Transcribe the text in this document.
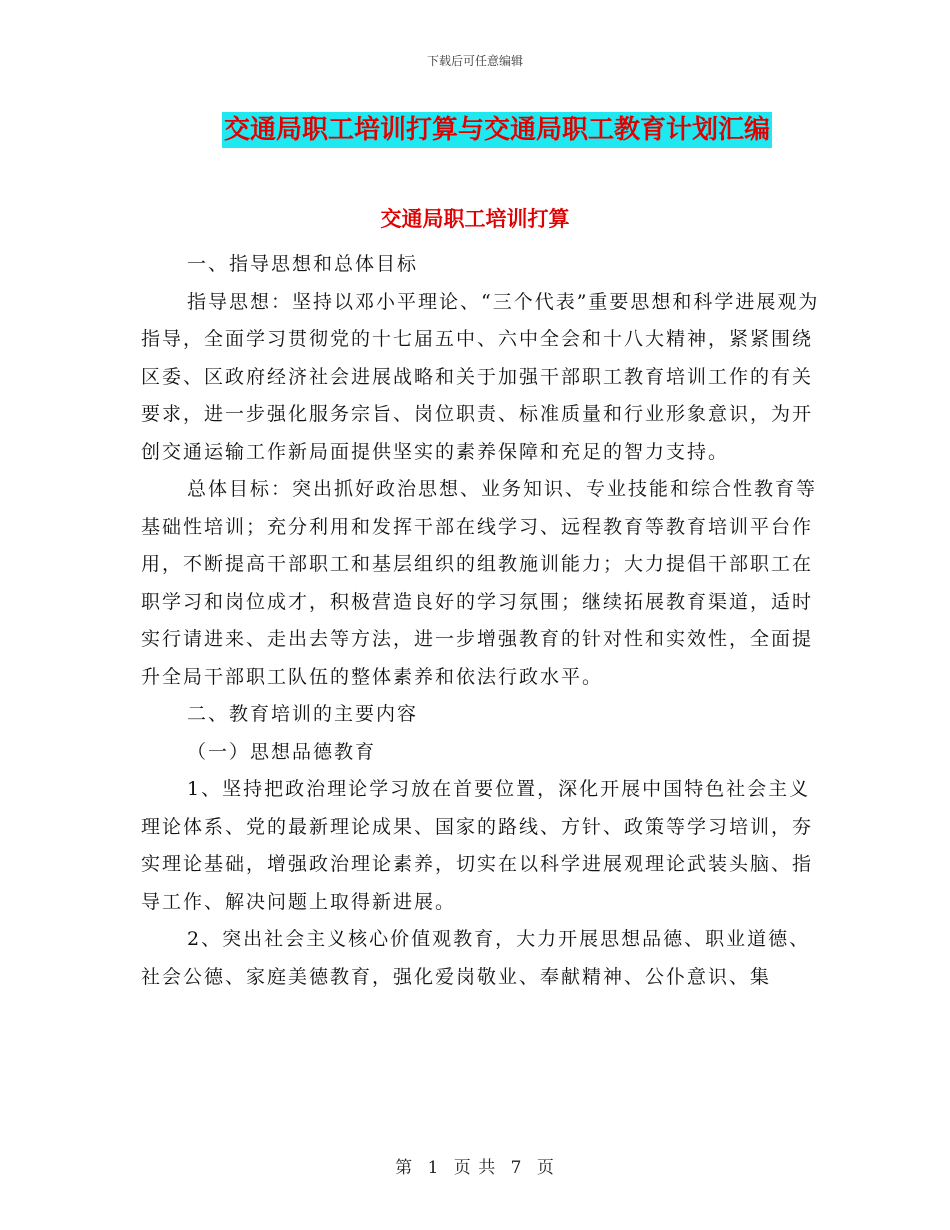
下载后可任意编辑
交通局职工培训打算与交通局职工教育计划汇编
交通局职工培训打算

一、指导思想和总体目标

指导思想：坚持以邓小平理论、“三个代表”重要思想和科学进展观为指导，全面学习贯彻党的十七届五中、六中全会和十八大精神，紧紧围绕区委、区政府经济社会进展战略和关于加强干部职工教育培训工作的有关要求，进一步强化服务宗旨、岗位职责、标准质量和行业形象意识，为开创交通运输工作新局面提供坚实的素养保障和充足的智力支持。

总体目标：突出抓好政治思想、业务知识、专业技能和综合性教育等基础性培训；充分利用和发挥干部在线学习、远程教育等教育培训平台作用，不断提高干部职工和基层组织的组教施训能力；大力提倡干部职工在职学习和岗位成才，积极营造良好的学习氛围；继续拓展教育渠道，适时实行请进来、走出去等方法，进一步增强教育的针对性和实效性，全面提升全局干部职工队伍的整体素养和依法行政水平。

二、教育培训的主要内容

（一）思想品德教育

1、坚持把政治理论学习放在首要位置，深化开展中国特色社会主义理论体系、党的最新理论成果、国家的路线、方针、政策等学习培训，夯实理论基础，增强政治理论素养，切实在以科学进展观理论武装头脑、指导工作、解决问题上取得新进展。

2、突出社会主义核心价值观教育，大力开展思想品德、职业道德、社会公德、家庭美德教育，强化爱岗敬业、奉献精神、公仆意识、集

第 1 页 共 7 页
